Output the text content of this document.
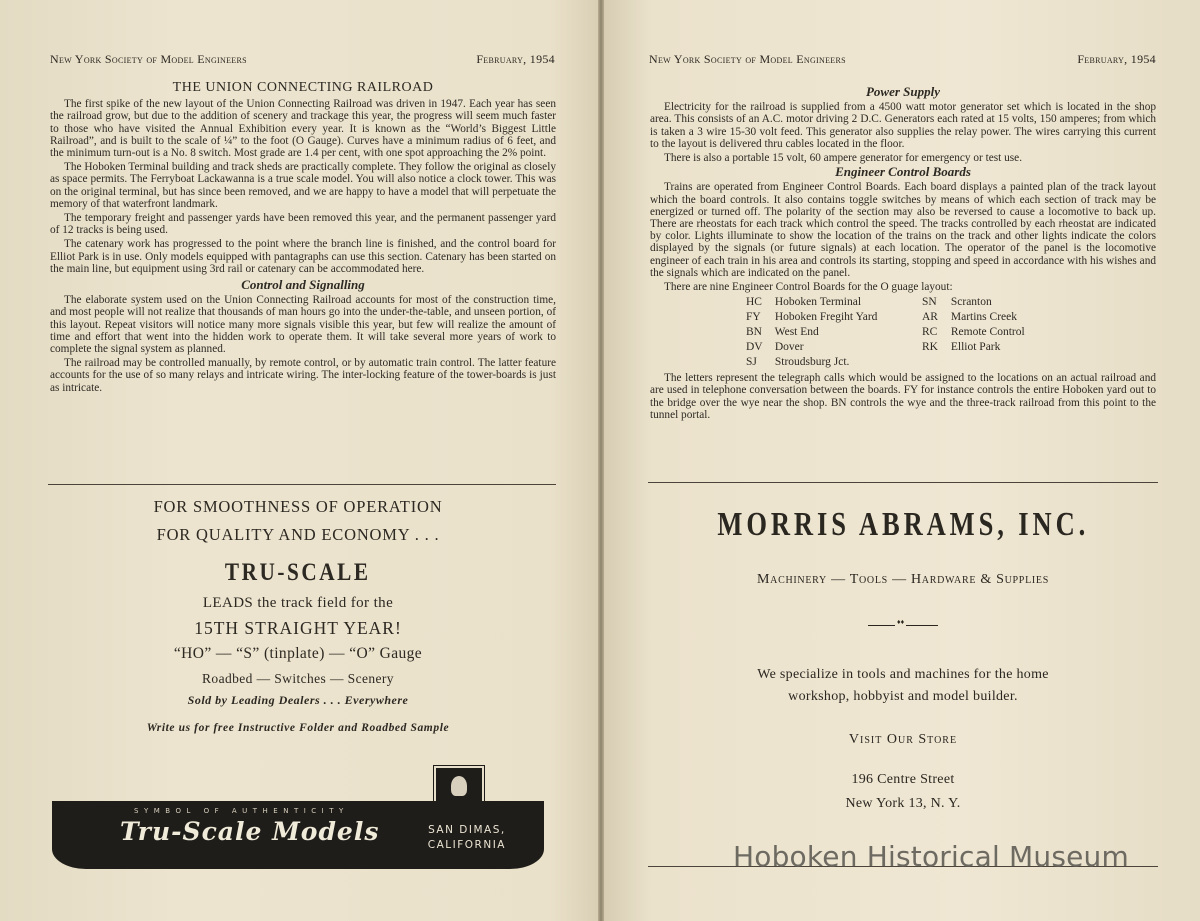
New York Society of Model Engineers	February, 1954
THE UNION CONNECTING RAILROAD

The first spike of the new layout of the Union Connecting Railroad was driven in 1947. Each year has seen the railroad grow, but due to the addition of scenery and trackage this year, the progress will seem much faster to those who have visited the Annual Exhibition every year. It is known as the “World’s Biggest Little Railroad”, and is built to the scale of ¼” to the foot (O Gauge). Curves have a minimum radius of 6 feet, and the minimum turn-out is a No. 8 switch. Most grade are 1.4 per cent, with one spot approaching the 2% point.

The Hoboken Terminal building and track sheds are practically complete. They follow the original as closely as space permits. The Ferryboat Lackawanna is a true scale model. You will also notice a clock tower. This was on the original terminal, but has since been removed, and we are happy to have a model that will perpetuate the memory of that waterfront landmark.

The temporary freight and passenger yards have been removed this year, and the permanent passenger yard of 12 tracks is being used.

The catenary work has progressed to the point where the branch line is finished, and the control board for Elliot Park is in use. Only models equipped with pantagraphs can use this section. Catenary has been started on the main line, but equipment using 3rd rail or catenary can be accommodated here.

Control and Signalling

The elaborate system used on the Union Connecting Railroad accounts for most of the construction time, and most people will not realize that thousands of man hours go into the under-the-table, and unseen portion, of this layout. Repeat visitors will notice many more signals visible this year, but few will realize the amount of time and effort that went into the hidden work to operate them. It will take several more years of work to complete the signal system as planned.

The railroad may be controlled manually, by remote control, or by automatic train control. The latter feature accounts for the use of so many relays and intricate wiring. The inter-locking feature of the tower-boards is just as intricate.

FOR SMOOTHNESS OF OPERATION
FOR QUALITY AND ECONOMY . . .
TRU-SCALE
LEADS the track field for the
15TH STRAIGHT YEAR!
“HO” — “S” (tinplate) — “O” Gauge
Roadbed — Switches — Scenery
Sold by Leading Dealers . . . Everywhere
Write us for free Instructive Folder and Roadbed Sample
SYMBOL OF AUTHENTICITY
Tru-Scale Models	SAN DIMAS,
CALIFORNIA
New York Society of Model Engineers	February, 1954
Power Supply

Electricity for the railroad is supplied from a 4500 watt motor generator set which is located in the shop area. This consists of an A.C. motor driving 2 D.C. Generators each rated at 15 volts, 150 amperes; from which is taken a 3 wire 15-30 volt feed. This generator also supplies the relay power. The wires carrying this current to the layout is delivered thru cables located in the floor.

There is also a portable 15 volt, 60 ampere generator for emergency or test use.

Engineer Control Boards

Trains are operated from Engineer Control Boards. Each board displays a painted plan of the track layout which the board controls. It also contains toggle switches by means of which each section of track may be energized or turned off. The polarity of the section may also be reversed to cause a locomotive to back up. There are rheostats for each track which control the speed. The tracks controlled by each rheostat are indicated by color. Lights illuminate to show the location of the trains on the track and other lights indicate the colors displayed by the signals (or future signals) at each location. The operator of the panel is the locomotive engineer of each train in his area and controls its starting, stopping and speed in accordance with his wishes and the signals which are indicated on the panel.

There are nine Engineer Control Boards for the O guage layout:

HC Hoboken Terminal	SN Scranton
FY Hoboken Fregiht Yard	AR Martins Creek
BN West End	RC Remote Control
DV Dover	RK Elliot Park
SJ Stroudsburg Jct.

The letters represent the telegraph calls which would be assigned to the locations on an actual railroad and are used in telephone conversation between the boards. FY for instance controls the entire Hoboken yard out to the bridge over the wye near the shop. BN controls the wye and the three-track railroad from this point to the tunnel portal.

MORRIS ABRAMS, INC.
Machinery — Tools — Hardware & Supplies
♦♦
We specialize in tools and machines for the home
workshop, hobbyist and model builder.
Visit Our Store
196 Centre Street
New York 13, N. Y.
Hoboken Historical Museum
